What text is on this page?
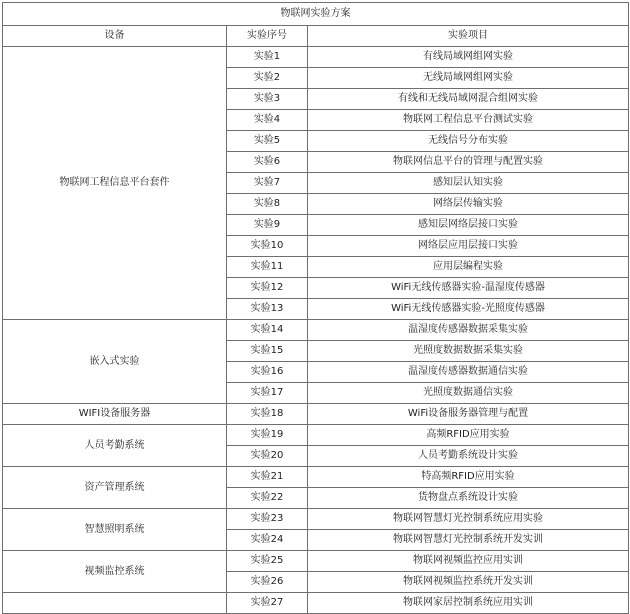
物联网实验方案		
设备	实验序号	实验项目
物联网工程信息平台套件	实验1	有线局域网组网实验
	实验2	无线局域网组网实验
	实验3	有线和无线局域网混合组网实验
	实验4	物联网工程信息平台测试实验
	实验5	无线信号分布实验
	实验6	物联网信息平台的管理与配置实验
	实验7	感知层认知实验
	实验8	网络层传输实验
	实验9	感知层网络层接口实验
	实验10	网络层应用层接口实验
	实验11	应用层编程实验
	实验12	WiFi无线传感器实验-温湿度传感器
	实验13	WiFi无线传感器实验-光照度传感器
嵌入式实验	实验14	温湿度传感器数据采集实验
	实验15	光照度数据数据采集实验
	实验16	温湿度传感器数据通信实验
	实验17	光照度数据通信实验
WIFI设备服务器	实验18	WiFi设备服务器管理与配置
人员考勤系统	实验19	高频RFID应用实验
	实验20	人员考勤系统设计实验
资产管理系统	实验21	特高频RFID应用实验
	实验22	货物盘点系统设计实验
智慧照明系统	实验23	物联网智慧灯光控制系统应用实验
	实验24	物联网智慧灯光控制系统开发实训
视频监控系统	实验25	物联网视频监控应用实训
	实验26	物联网视频监控系统开发实训
	实验27	物联网家居控制系统应用实训
